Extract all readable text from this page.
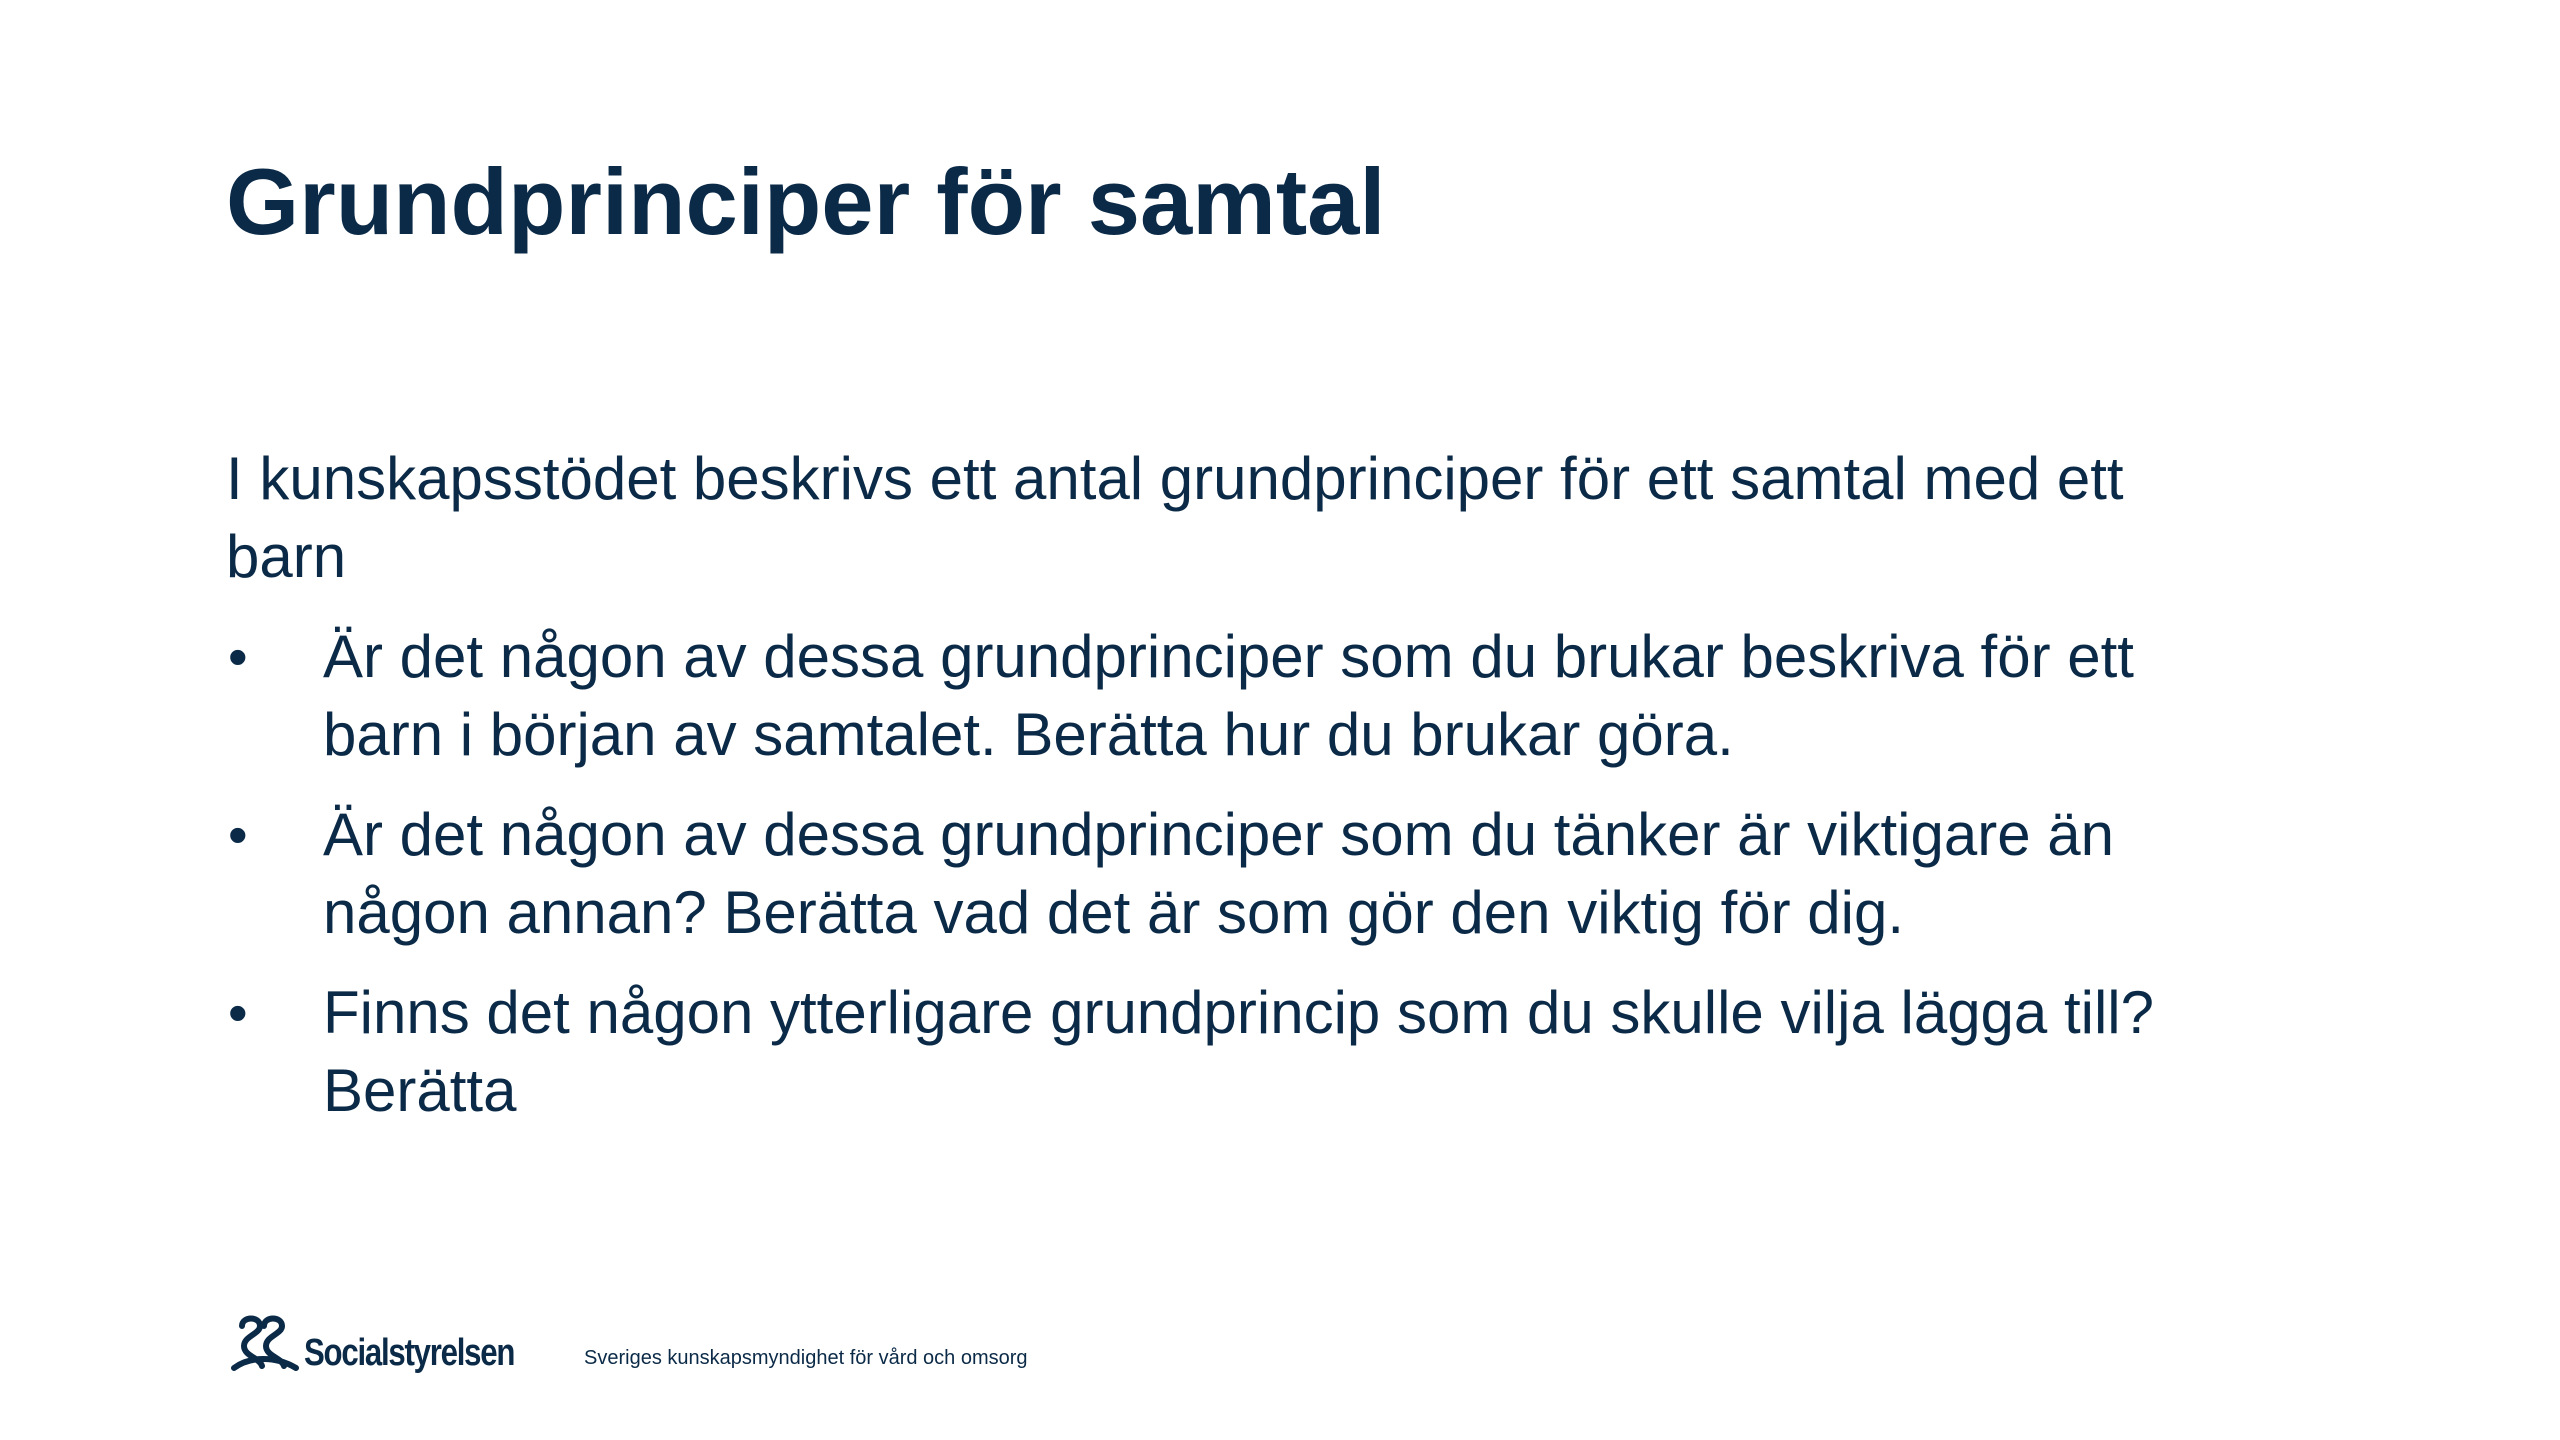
Grundprinciper för samtal

I kunskapsstödet beskrivs ett antal grundprinciper för ett samtal med ett barn

• Är det någon av dessa grundprinciper som du brukar beskriva för ett barn i början av samtalet. Berätta hur du brukar göra.
• Är det någon av dessa grundprinciper som du tänker är viktigare än någon annan? Berätta vad det är som gör den viktig för dig.
• Finns det någon ytterligare grundprincip som du skulle vilja lägga till? Berätta
Socialstyrelsen	Sveriges kunskapsmyndighet för vård och omsorg
